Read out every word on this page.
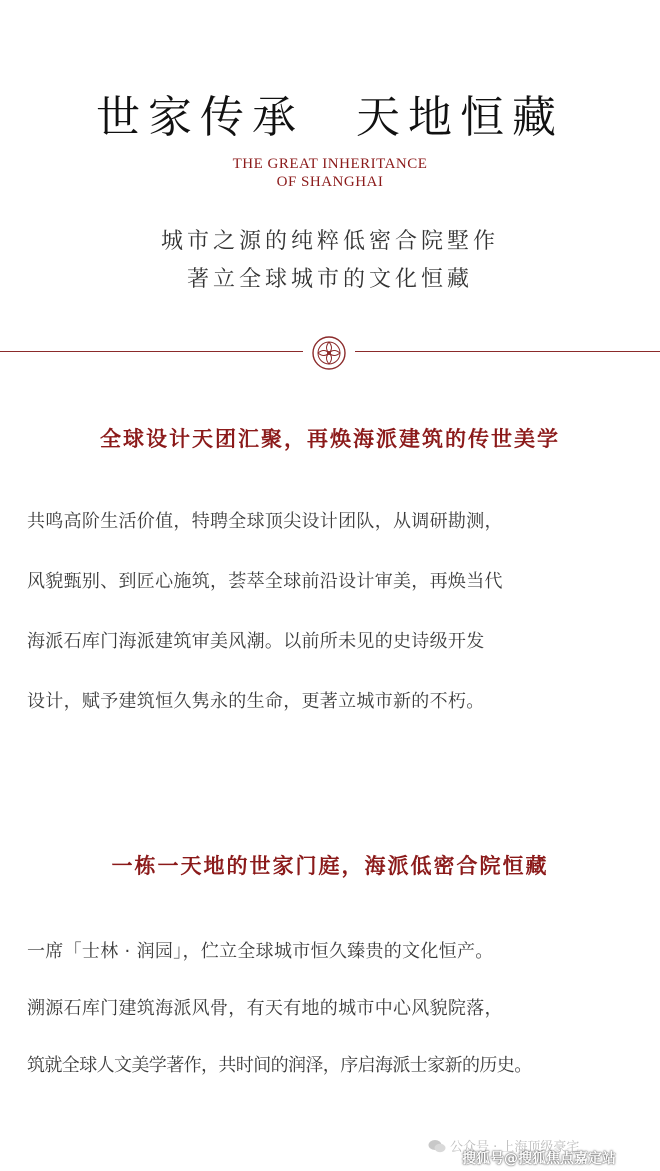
世家传承　天地恒藏
THE GREAT INHERITANCE
OF SHANGHAI
城市之源的纯粹低密合院墅作
著立全球城市的文化恒藏
全球设计天团汇聚，再焕海派建筑的传世美学
共鸣高阶生活价值，特聘全球顶尖设计团队，从调研勘测，
风貌甄别、到匠心施筑，荟萃全球前沿设计审美，再焕当代
海派石库门海派建筑审美风潮。以前所未见的史诗级开发
设计，赋予建筑恒久隽永的生命，更著立城市新的不朽。
一栋一天地的世家门庭，海派低密合院恒藏
一席「士林 · 润园」，伫立全球城市恒久臻贵的文化恒产。
溯源石库门建筑海派风骨，有天有地的城市中心风貌院落，
筑就全球人文美学著作，共时间的润泽，序启海派士家新的历史。
公众号 · 上海顶级豪宅
搜狐号@搜狐焦点嘉定站
